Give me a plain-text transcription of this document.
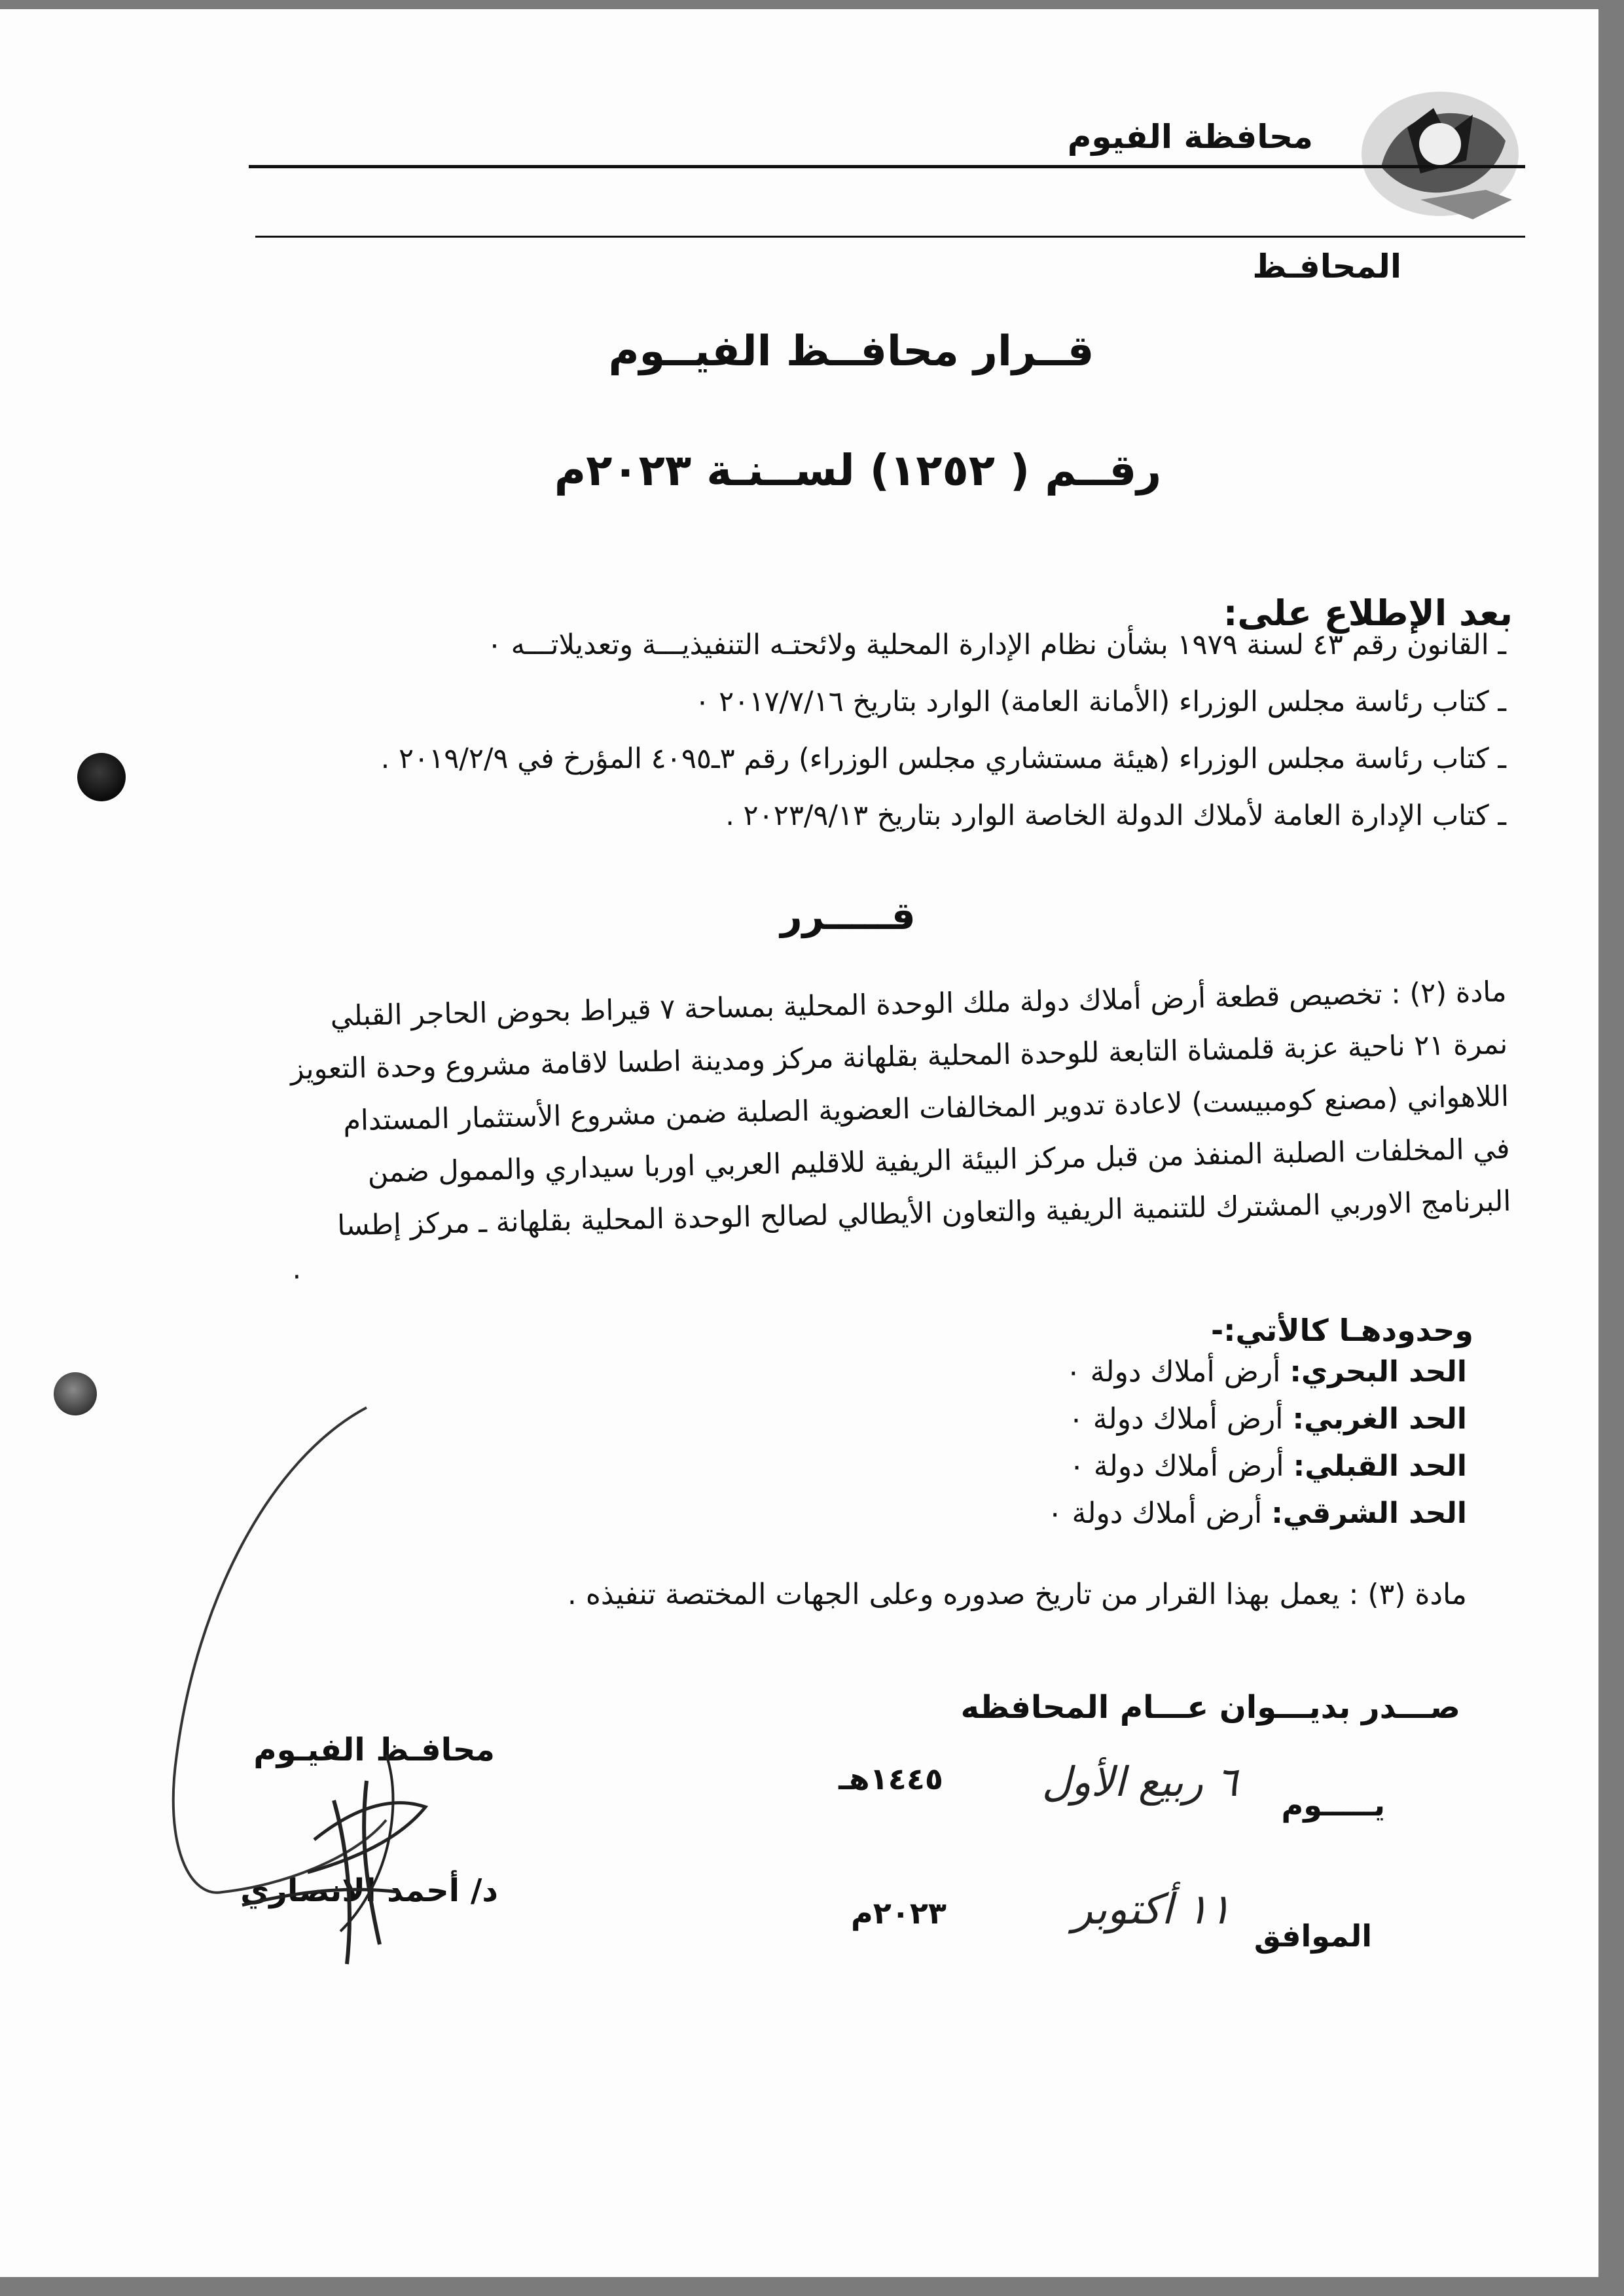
محافظة الفيوم
المحافـظ
قــرار محافــظ الفيــوم
رقــم ( ١٢٥٢) لســنـة ٢٠٢٣م
بعد الإطلاع على:
ـ القانون رقم ٤٣ لسنة ١٩٧٩ بشأن نظام الإدارة المحلية ولائحتـه التنفيذيـــة وتعديلاتـــه ٠
ـ كتاب رئاسة مجلس الوزراء (الأمانة العامة) الوارد بتاريخ ٢٠١٧/٧/١٦ ٠
ـ كتاب رئاسة مجلس الوزراء (هيئة مستشاري مجلس الوزراء) رقم ٣ـ٤٠٩٥ المؤرخ في ٢٠١٩/٢/٩ .
ـ كتاب الإدارة العامة لأملاك الدولة الخاصة الوارد بتاريخ ٢٠٢٣/٩/١٣ .
قـــــرر
مادة (٢) : تخصيص قطعة أرض أملاك دولة ملك الوحدة المحلية بمساحة ٧ قيراط بحوض الحاجر القبلي
نمرة ٢١ ناحية عزبة قلمشاة التابعة للوحدة المحلية بقلهانة مركز ومدينة اطسا لاقامة مشروع وحدة التعويز
اللاهواني (مصنع كومبيست) لاعادة تدوير المخالفات العضوية الصلبة ضمن مشروع الأستثمار المستدام
في المخلفات الصلبة المنفذ من قبل مركز البيئة الريفية للاقليم العربي اوربا سيداري والممول ضمن
البرنامج الاوربي المشترك للتنمية الريفية والتعاون الأيطالي لصالح الوحدة المحلية بقلهانة ـ مركز إطسا
.
وحدودهـا كالأتي:-
الحد البحري: أرض أملاك دولة ٠
الحد الغربي: أرض أملاك دولة ٠
الحد القبلي: أرض أملاك دولة ٠
الحد الشرقي: أرض أملاك دولة ٠
مادة (٣) : يعمل بهذا القرار من تاريخ صدوره وعلى الجهات المختصة تنفيذه .
صـــدر بديـــوان عـــام المحافظه
يـــــوم
٦ ربيع الأول
١٤٤٥هـ
الموافق
١١ أكتوبر
٢٠٢٣م
محافـظ الفيـوم
د/ أحمد الانصاري
